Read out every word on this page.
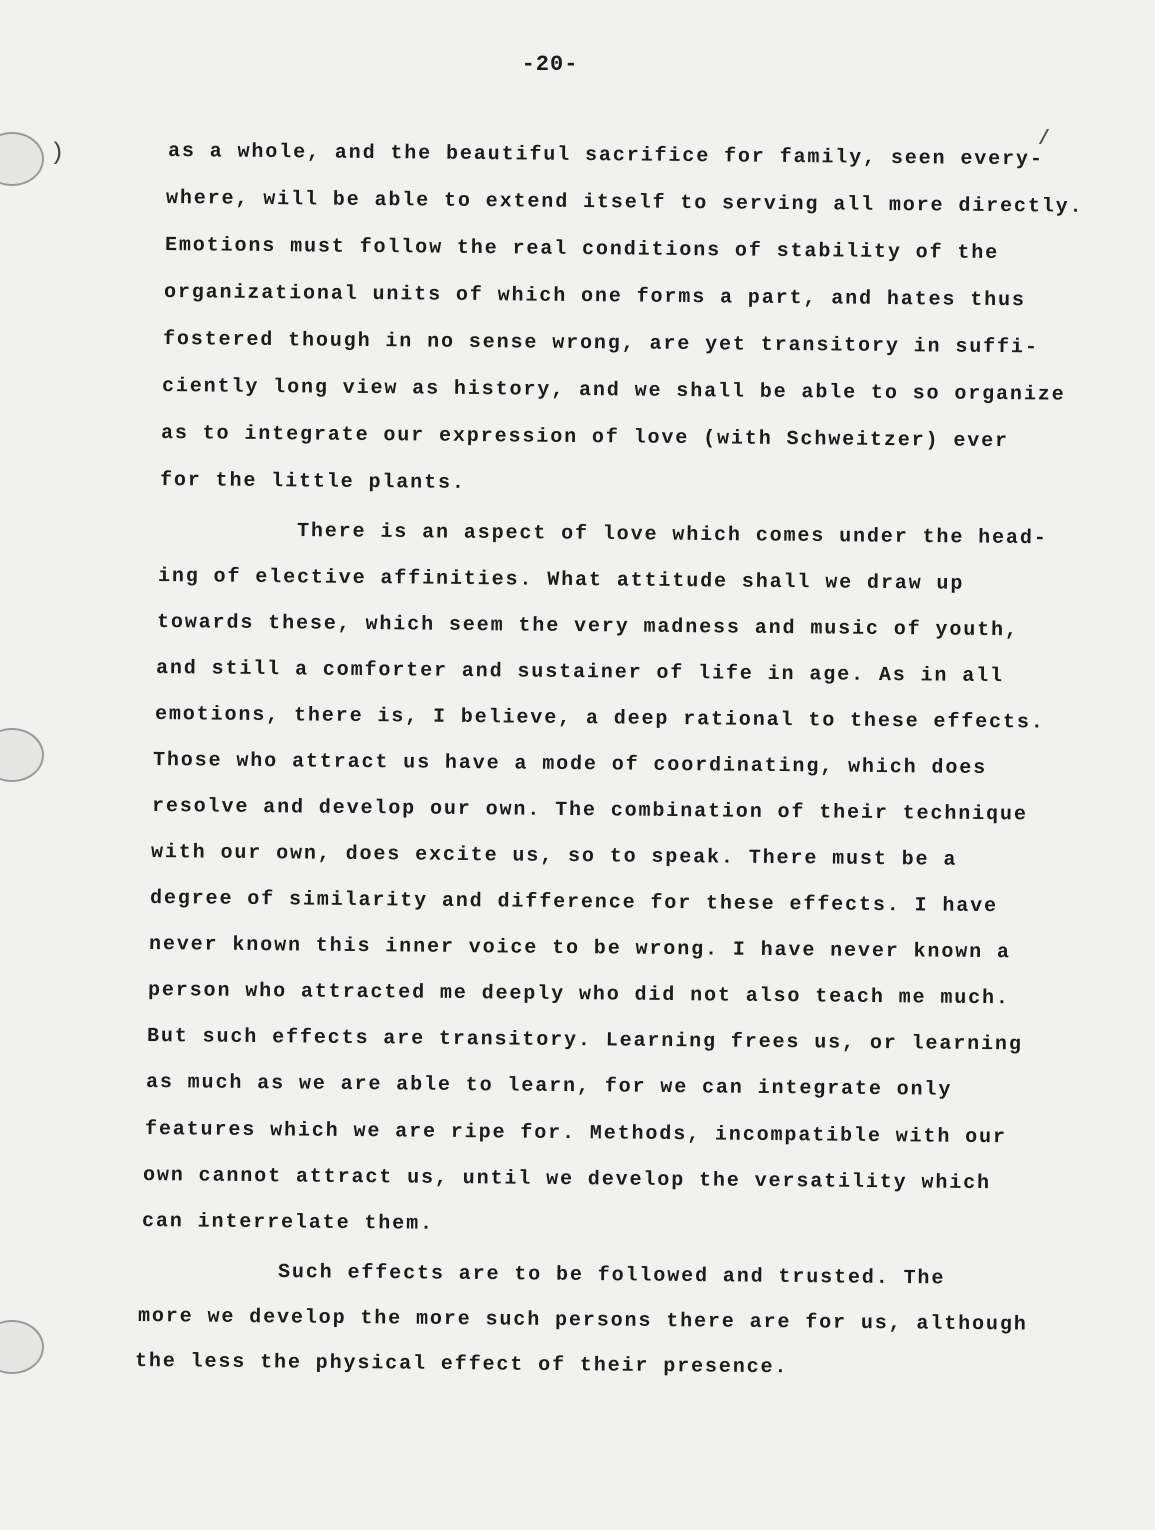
)
/
-20-
as a whole, and the beautiful sacrifice for family, seen every-
where, will be able to extend itself to serving all more directly.
Emotions must follow the real conditions of stability of the
organizational units of which one forms a part, and hates thus
fostered though in no sense wrong, are yet transitory in suffi-
ciently long view as history, and we shall be able to so organize
as to integrate our expression of love (with Schweitzer) ever
for the little plants.
There is an aspect of love which comes under the head-
ing of elective affinities. What attitude shall we draw up
towards these, which seem the very madness and music of youth,
and still a comforter and sustainer of life in age. As in all
emotions, there is, I believe, a deep rational to these effects.
Those who attract us have a mode of coordinating, which does
resolve and develop our own. The combination of their technique
with our own, does excite us, so to speak. There must be a
degree of similarity and difference for these effects. I have
never known this inner voice to be wrong. I have never known a
person who attracted me deeply who did not also teach me much.
But such effects are transitory. Learning frees us, or learning
as much as we are able to learn, for we can integrate only
features which we are ripe for. Methods, incompatible with our
own cannot attract us, until we develop the versatility which
can interrelate them.
Such effects are to be followed and trusted. The
more we develop the more such persons there are for us, although
the less the physical effect of their presence.
